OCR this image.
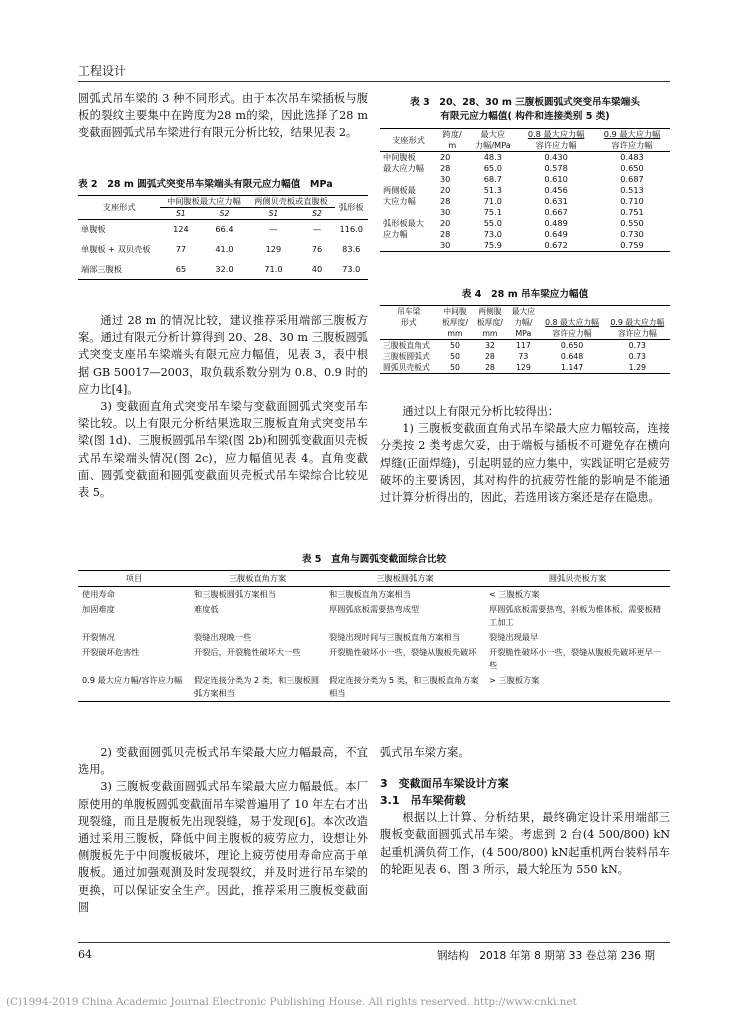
工程设计

圆弧式吊车梁的 3 种不同形式。由于本次吊车梁插板与腹板的裂纹主要集中在跨度为28 m的梁，因此选择了28 m变截面圆弧式吊车梁进行有限元分析比较，结果见表 2。

表 2　28 m 圆弧式突变吊车梁端头有限元应力幅值　MPa
支座形式	中间腹板最大应力幅		两侧贝壳板或直腹板		弧形板
	S1	S2	S1	S2	
单腹板	124	66.4	—	—	116.0
单腹板 + 双贝壳板	77	41.0	129	76	83.6
端部三腹板	65	32.0	71.0	40	73.0

通过 28 m 的情况比较，建议推荐采用端部三腹板方案。通过有限元分析计算得到 20、28、30 m 三腹板圆弧式突变支座吊车梁端头有限元应力幅值，见表 3，表中根据 GB 50017—2003，取负载系数分别为 0.8、0.9 时的应力比[4]。

3) 变截面直角式突变吊车梁与变截面圆弧式突变吊车梁比较。以上有限元分析结果选取三腹板直角式突变吊车梁(图 1d)、三腹板圆弧吊车梁(图 2b)和圆弧变截面贝壳板式吊车梁端头情况(图 2c)，应力幅值见表 4。直角变截面、圆弧变截面和圆弧变截面贝壳板式吊车梁综合比较见表 5。

表 3　20、28、30 m 三腹板圆弧式突变吊车梁端头
有限元应力幅值( 构件和连接类别 5 类)
支座形式	跨度/	最大应	0.8 最大应力幅	0.9 最大应力幅
	m	力幅/MPa	容许应力幅	容许应力幅
中间腹板	20	48.3	0.430	0.483
最大应力幅	28	65.0	0.578	0.650
	30	68.7	0.610	0.687
两侧板最	20	51.3	0.456	0.513
大应力幅	28	71.0	0.631	0.710
	30	75.1	0.667	0.751
弧形板最大	20	55.0	0.489	0.550
应力幅	28	73.0	0.649	0.730
	30	75.9	0.672	0.759
表 4　28 m 吊车梁应力幅值
吊车梁	中间腹	两侧腹	最大应		
形式	板厚度/	板厚度/	力幅/	0.8 最大应力幅	0.9 最大应力幅
	mm	mm	MPa	容许应力幅	容许应力幅
三腹板直角式	50	32	117	0.650	0.73
三腹板圆弧式	50	28	73	0.648	0.73
圆弧贝壳板式	50	28	129	1.147	1.29

通过以上有限元分析比较得出：

1) 三腹板变截面直角式吊车梁最大应力幅较高，连接分类按 2 类考虑欠妥，由于端板与插板不可避免存在横向焊缝(正面焊缝)，引起明显的应力集中，实践证明它是疲劳破坏的主要诱因，其对构件的抗疲劳性能的影响是不能通过计算分析得出的，因此，若选用该方案还是存在隐患。

表 5　直角与圆弧变截面综合比较
项目	三腹板直角方案	三腹板圆弧方案	圆弧贝壳板方案
使用寿命	和三腹板圆弧方案相当	和三腹板直角方案相当	< 三腹板方案
加固难度	难度低	厚圆弧底板需要热弯成型	厚圆弧底板需要热弯，斜板为椎体板，需要板精工加工
开裂情况	裂缝出现晚一些	裂缝出现时间与三腹板直角方案相当	裂缝出现最早
开裂破坏危害性	开裂后，开裂脆性破坏大一些	开裂脆性破坏小一些，裂缝从腹板先破坏	开裂脆性破坏小一些，裂缝从腹板先破坏更早一些
0.9 最大应力幅/容许应力幅	假定连接分类为 2 类，和三腹板圆弧方案相当	假定连接分类为 5 类，和三腹板直角方案相当	> 三腹板方案

2) 变截面圆弧贝壳板式吊车梁最大应力幅最高，不宜选用。

3) 三腹板变截面圆弧式吊车梁最大应力幅最低。本厂原使用的单腹板圆弧变截面吊车梁普遍用了 10 年左右才出现裂缝，而且是腹板先出现裂缝，易于发现[6]。本次改造通过采用三腹板，降低中间主腹板的疲劳应力，设想让外侧腹板先于中间腹板破坏，理论上疲劳使用寿命应高于单腹板。通过加强观测及时发现裂纹，并及时进行吊车梁的更换，可以保证安全生产。因此，推荐采用三腹板变截面圆

弧式吊车梁方案。

3　变截面吊车梁设计方案
3.1　吊车梁荷载

根据以上计算、分析结果，最终确定设计采用端部三腹板变截面圆弧式吊车梁。考虑到 2 台(4 500/800) kN起重机满负荷工作，(4 500/800) kN起重机两台装料吊车的轮距见表 6、图 3 所示，最大轮压为 550 kN。

64	钢结构　2018 年第 8 期第 33 卷总第 236 期
(C)1994-2019 China Academic Journal Electronic Publishing House. All rights reserved. http://www.cnki.net
